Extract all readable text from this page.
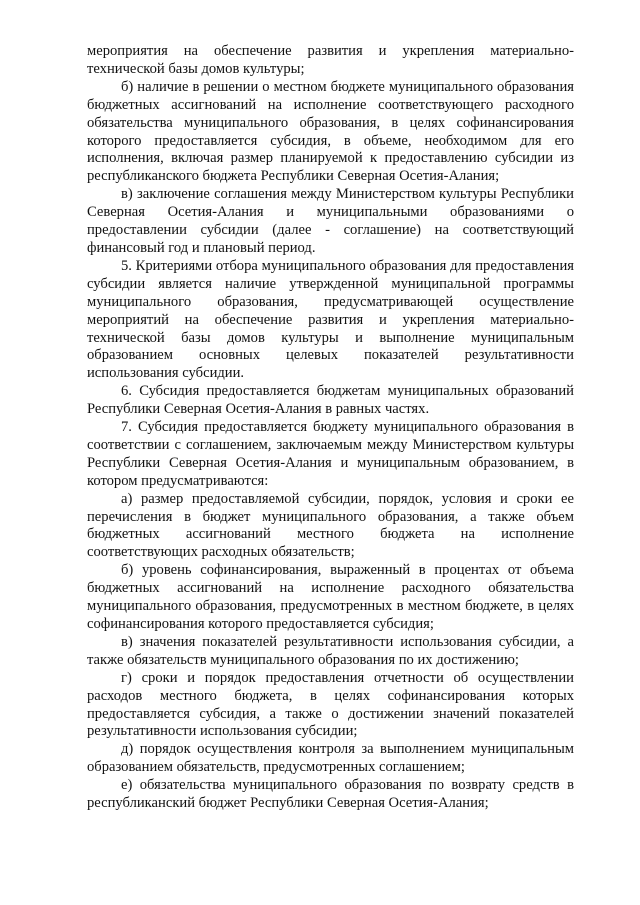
мероприятия на обеспечение развития и укрепления материально-технической базы домов культуры;

б) наличие в решении о местном бюджете муниципального образования бюджетных ассигнований на исполнение соответствующего расходного обязательства муниципального образования, в целях софинансирования которого предоставляется субсидия, в объеме, необходимом для его исполнения, включая размер планируемой к предоставлению субсидии из республиканского бюджета Республики Северная Осетия-Алания;

в) заключение соглашения между Министерством культуры Республики Северная Осетия-Алания и муниципальными образованиями о предоставлении субсидии (далее - соглашение) на соответствующий финансовый год и плановый период.

5. Критериями отбора муниципального образования для предоставления субсидии является наличие утвержденной муниципальной программы муниципального образования, предусматривающей осуществление мероприятий на обеспечение развития и укрепления материально-технической базы домов культуры и выполнение муниципальным образованием основных целевых показателей результативности использования субсидии.

6. Субсидия предоставляется бюджетам муниципальных образований Республики Северная Осетия-Алания в равных частях.

7. Субсидия предоставляется бюджету муниципального образования в соответствии с соглашением, заключаемым между Министерством культуры Республики Северная Осетия-Алания и муниципальным образованием, в котором предусматриваются:

а) размер предоставляемой субсидии, порядок, условия и сроки ее перечисления в бюджет муниципального образования, а также объем бюджетных ассигнований местного бюджета на исполнение соответствующих расходных обязательств;

б) уровень софинансирования, выраженный в процентах от объема бюджетных ассигнований на исполнение расходного обязательства муниципального образования, предусмотренных в местном бюджете, в целях софинансирования которого предоставляется субсидия;

в) значения показателей результативности использования субсидии, а также обязательств муниципального образования по их достижению;

г) сроки и порядок предоставления отчетности об осуществлении расходов местного бюджета, в целях софинансирования которых предоставляется субсидия, а также о достижении значений показателей результативности использования субсидии;

д) порядок осуществления контроля за выполнением муниципальным образованием обязательств, предусмотренных соглашением;

е) обязательства муниципального образования по возврату средств в республиканский бюджет Республики Северная Осетия-Алания;
